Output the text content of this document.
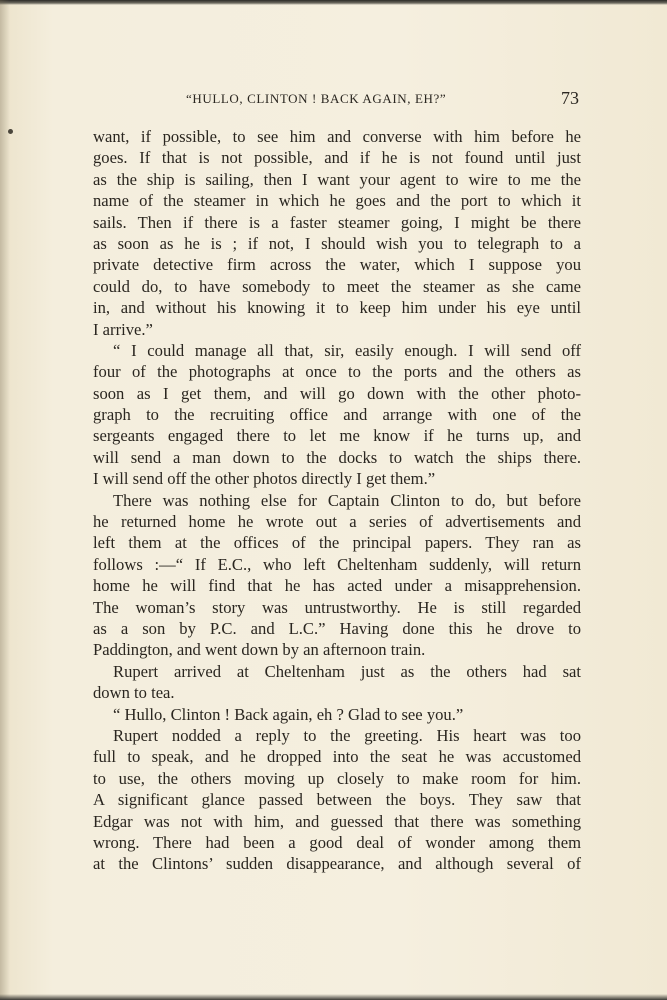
“HULLO, CLINTON ! BACK AGAIN, EH?”	73
want, if possible, to see him and converse with him before he
goes. If that is not possible, and if he is not found until just
as the ship is sailing, then I want your agent to wire to me the
name of the steamer in which he goes and the port to which it
sails. Then if there is a faster steamer going, I might be there
as soon as he is ; if not, I should wish you to telegraph to a
private detective firm across the water, which I suppose you
could do, to have somebody to meet the steamer as she came
in, and without his knowing it to keep him under his eye until
I arrive.”
“ I could manage all that, sir, easily enough. I will send off
four of the photographs at once to the ports and the others as
soon as I get them, and will go down with the other photo-
graph to the recruiting office and arrange with one of the
sergeants engaged there to let me know if he turns up, and
will send a man down to the docks to watch the ships there.
I will send off the other photos directly I get them.”
There was nothing else for Captain Clinton to do, but before
he returned home he wrote out a series of advertisements and
left them at the offices of the principal papers. They ran as
follows :—“ If E.C., who left Cheltenham suddenly, will return
home he will find that he has acted under a misapprehension.
The woman’s story was untrustworthy. He is still regarded
as a son by P.C. and L.C.” Having done this he drove to
Paddington, and went down by an afternoon train.
Rupert arrived at Cheltenham just as the others had sat
down to tea.
“ Hullo, Clinton ! Back again, eh ? Glad to see you.”
Rupert nodded a reply to the greeting. His heart was too
full to speak, and he dropped into the seat he was accustomed
to use, the others moving up closely to make room for him.
A significant glance passed between the boys. They saw that
Edgar was not with him, and guessed that there was something
wrong. There had been a good deal of wonder among them
at the Clintons’ sudden disappearance, and although several of
